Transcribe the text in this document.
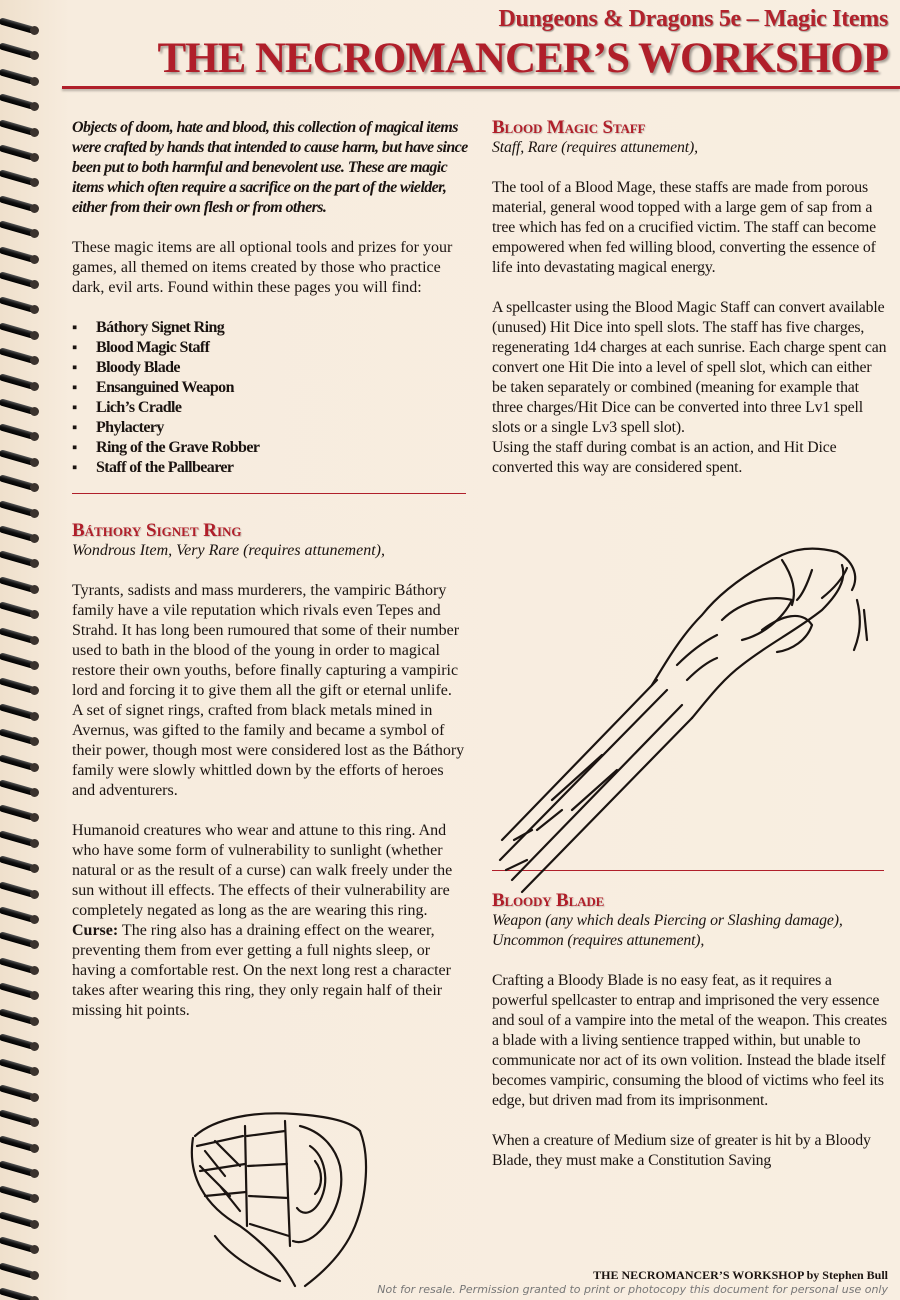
Dungeons & Dragons 5e – Magic Items
THE NECROMANCER’S WORKSHOP

Objects of doom, hate and blood, this collection of magical items were crafted by hands that intended to cause harm, but have since been put to both harmful and benevolent use. These are magic items which often require a sacrifice on the part of the wielder, either from their own flesh or from others.

These magic items are all optional tools and prizes for your games, all themed on items created by those who practice dark, evil arts. Found within these pages you will find:

▪ Báthory Signet Ring
▪ Blood Magic Staff
▪ Bloody Blade
▪ Ensanguined Weapon
▪ Lich’s Cradle
▪ Phylactery
▪ Ring of the Grave Robber
▪ Staff of the Pallbearer
Báthory Signet Ring
Wondrous Item, Very Rare (requires attunement),

Tyrants, sadists and mass murderers, the vampiric Báthory family have a vile reputation which rivals even Tepes and Strahd. It has long been rumoured that some of their number used to bath in the blood of the young in order to magical restore their own youths, before finally capturing a vampiric lord and forcing it to give them all the gift or eternal unlife.

A set of signet rings, crafted from black metals mined in Avernus, was gifted to the family and became a symbol of their power, though most were considered lost as the Báthory family were slowly whittled down by the efforts of heroes and adventurers.

Humanoid creatures who wear and attune to this ring. And who have some form of vulnerability to sunlight (whether natural or as the result of a curse) can walk freely under the sun without ill effects. The effects of their vulnerability are completely negated as long as the are wearing this ring.

Curse: The ring also has a draining effect on the wearer, preventing them from ever getting a full nights sleep, or having a comfortable rest. On the next long rest a character takes after wearing this ring, they only regain half of their missing hit points.

Blood Magic Staff
Staff, Rare (requires attunement),

The tool of a Blood Mage, these staffs are made from porous material, general wood topped with a large gem of sap from a tree which has fed on a crucified victim. The staff can become empowered when fed willing blood, converting the essence of life into devastating magical energy.

A spellcaster using the Blood Magic Staff can convert available (unused) Hit Dice into spell slots. The staff has five charges, regenerating 1d4 charges at each sunrise. Each charge spent can convert one Hit Die into a level of spell slot, which can either be taken separately or combined (meaning for example that three charges/Hit Dice can be converted into three Lv1 spell slots or a single Lv3 spell slot).

Using the staff during combat is an action, and Hit Dice converted this way are considered spent.

Bloody Blade
Weapon (any which deals Piercing or Slashing damage), Uncommon (requires attunement),

Crafting a Bloody Blade is no easy feat, as it requires a powerful spellcaster to entrap and imprisoned the very essence and soul of a vampire into the metal of the weapon. This creates a blade with a living sentience trapped within, but unable to communicate nor act of its own volition. Instead the blade itself becomes vampiric, consuming the blood of victims who feel its edge, but driven mad from its imprisonment.

When a creature of Medium size of greater is hit by a Bloody Blade, they must make a Constitution Saving

THE NECROMANCER’S WORKSHOP by Stephen Bull
Not for resale. Permission granted to print or photocopy this document for personal use only
